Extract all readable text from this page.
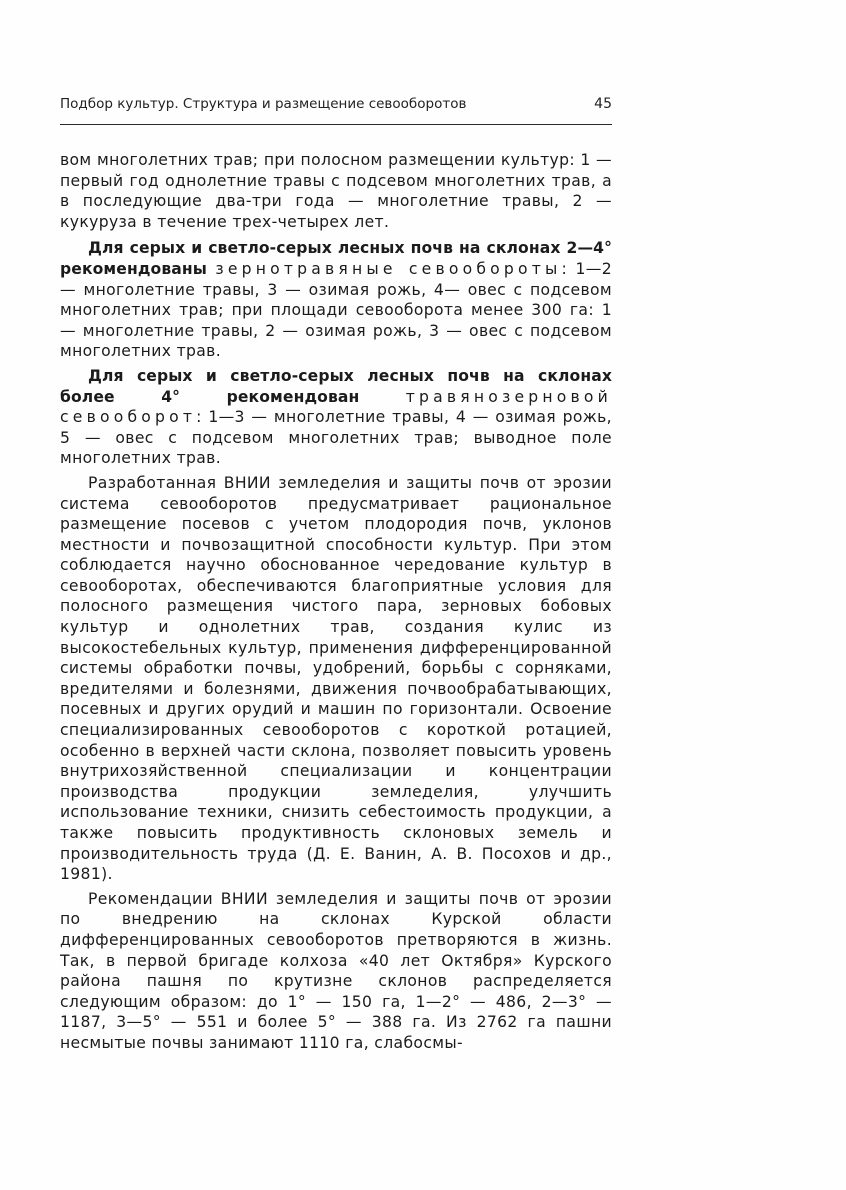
Подбор культур. Структура и размещение севооборотов	45

вом многолетних трав; при полосном размещении культур: 1 — первый год однолетние травы с подсевом многолетних трав, а в последующие два-три года — многолетние травы, 2 — кукуруза в течение трех-четырех лет.

Для серых и светло-серых лесных почв на склонах 2—4° рекомендованы зернотравяные севообороты: 1—2 — многолетние травы, 3 — озимая рожь, 4— овес с подсевом многолетних трав; при площади севооборота менее 300 га: 1 — многолетние травы, 2 — озимая рожь, 3 — овес с подсевом многолетних трав.

Для серых и светло-серых лесных почв на склонах более 4° рекомендован	травянозерновой севооборот: 1—3 — многолетние травы, 4 — озимая рожь, 5 — овес с подсевом многолетних трав; выводное поле многолетних трав.

Разработанная ВНИИ земледелия и защиты почв от эрозии система севооборотов предусматривает рациональное размещение посевов с учетом плодородия почв, уклонов местности и почвозащитной способности культур. При этом соблюдается научно обоснованное чередование культур в севооборотах, обеспечиваются благоприятные условия для полосного размещения чистого пара, зерновых бобовых культур и однолетних трав, создания кулис из высокостебельных культур, применения дифференцированной системы обработки почвы, удобрений, борьбы с сорняками, вредителями и болезнями, движения почвообрабатывающих, посевных и других орудий и машин по горизонтали. Освоение специализированных севооборотов с короткой ротацией, особенно в верхней части склона, позволяет повысить уровень внутрихозяйственной специализации и концентрации производства продукции земледелия, улучшить использование техники, снизить себестоимость продукции, а также повысить продуктивность склоновых земель и производительность труда (Д. Е. Ванин, А. В. Посохов и др., 1981).

Рекомендации ВНИИ земледелия и защиты почв от эрозии по внедрению на склонах Курской области дифференцированных севооборотов претворяются в жизнь. Так, в первой бригаде колхоза «40 лет Октября» Курского района пашня по крутизне склонов распределяется следующим образом: до 1° — 150 га, 1—2° — 486, 2—3° — 1187, 3—5° — 551 и более 5° — 388 га. Из 2762 га пашни несмытые почвы занимают 1110 га, слабосмы-
